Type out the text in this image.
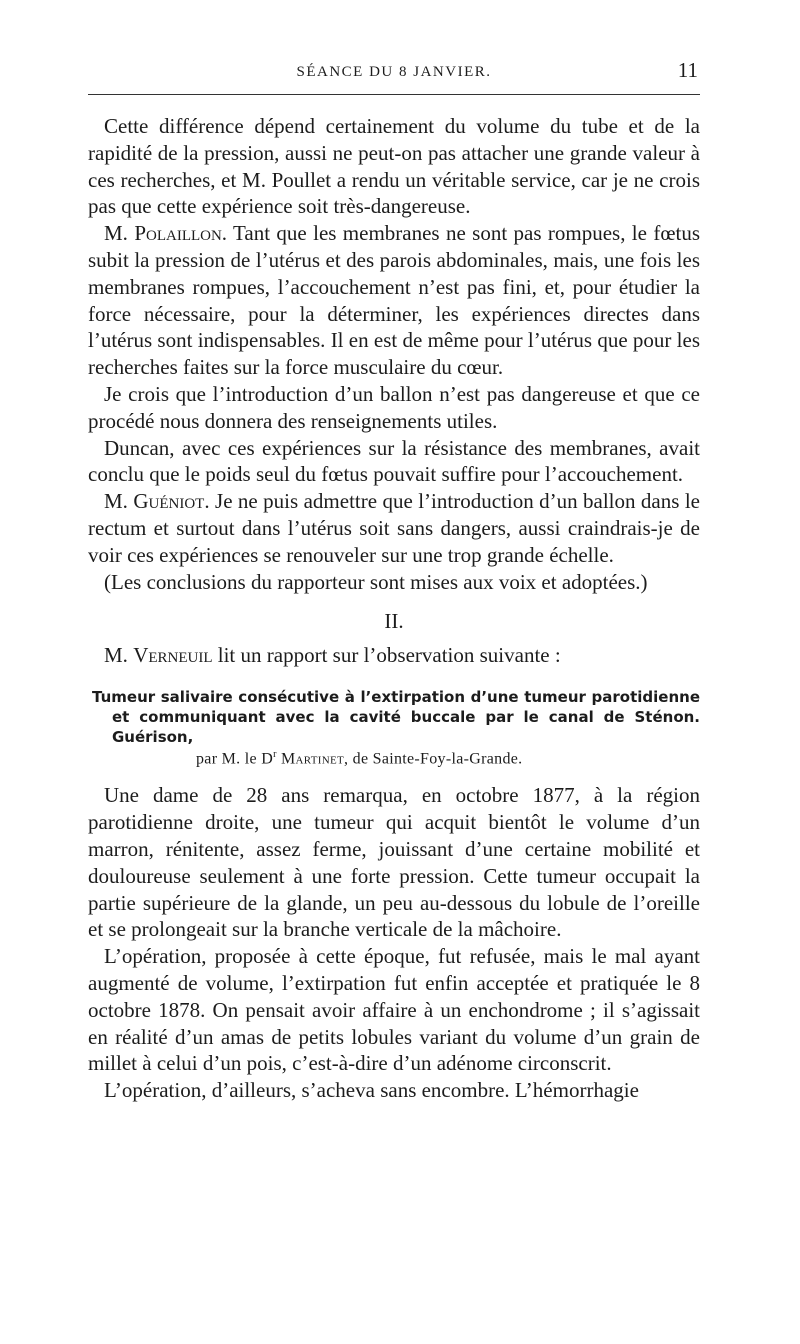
SÉANCE DU 8 JANVIER.	11

Cette différence dépend certainement du volume du tube et de la rapidité de la pression, aussi ne peut-on pas attacher une grande valeur à ces recherches, et M. Poullet a rendu un véritable service, car je ne crois pas que cette expérience soit très-dangereuse.

M. Polaillon. Tant que les membranes ne sont pas rompues, le fœtus subit la pression de l’utérus et des parois abdominales, mais, une fois les membranes rompues, l’accouchement n’est pas fini, et, pour étudier la force nécessaire, pour la déterminer, les expériences directes dans l’utérus sont indispensables. Il en est de même pour l’utérus que pour les recherches faites sur la force musculaire du cœur.

Je crois que l’introduction d’un ballon n’est pas dangereuse et que ce procédé nous donnera des renseignements utiles.

Duncan, avec ces expériences sur la résistance des membranes, avait conclu que le poids seul du fœtus pouvait suffire pour l’accouchement.

M. Guéniot. Je ne puis admettre que l’introduction d’un ballon dans le rectum et surtout dans l’utérus soit sans dangers, aussi craindrais-je de voir ces expériences se renouveler sur une trop grande échelle.

(Les conclusions du rapporteur sont mises aux voix et adoptées.)

II.

M. Verneuil lit un rapport sur l’observation suivante :

Tumeur salivaire consécutive à l’extirpation d’une tumeur parotidienne et communiquant avec la cavité buccale par le canal de Sténon. Guérison,
par M. le $D^r$ Martinet, de Sainte-Foy-la-Grande.

Une dame de 28 ans remarqua, en octobre 1877, à la région parotidienne droite, une tumeur qui acquit bientôt le volume d’un marron, rénitente, assez ferme, jouissant d’une certaine mobilité et douloureuse seulement à une forte pression. Cette tumeur occupait la partie supérieure de la glande, un peu au-dessous du lobule de l’oreille et se prolongeait sur la branche verticale de la mâchoire.

L’opération, proposée à cette époque, fut refusée, mais le mal ayant augmenté de volume, l’extirpation fut enfin acceptée et pratiquée le 8 octobre 1878. On pensait avoir affaire à un enchondrome ; il s’agissait en réalité d’un amas de petits lobules variant du volume d’un grain de millet à celui d’un pois, c’est-à-dire d’un adénome circonscrit.

L’opération, d’ailleurs, s’acheva sans encombre. L’hémorrhagie
